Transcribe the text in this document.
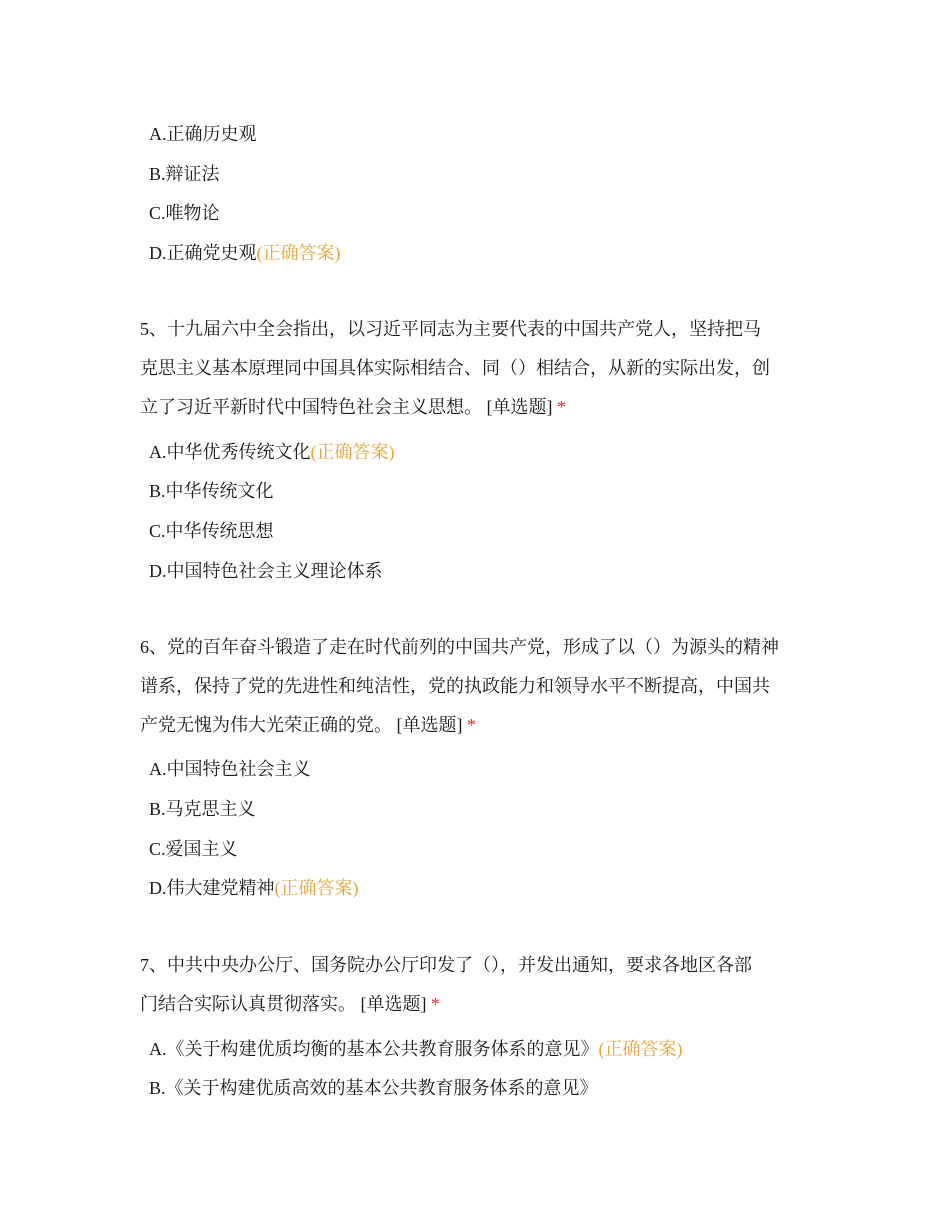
A.正确历史观
B.辩证法
C.唯物论
D.正确党史观(正确答案)
5、十九届六中全会指出，以习近平同志为主要代表的中国共产党人，坚持把马
克思主义基本原理同中国具体实际相结合、同（）相结合，从新的实际出发，创
立了习近平新时代中国特色社会主义思想。 [单选题] *
A.中华优秀传统文化(正确答案)
B.中华传统文化
C.中华传统思想
D.中国特色社会主义理论体系
6、党的百年奋斗锻造了走在时代前列的中国共产党，形成了以（）为源头的精神
谱系，保持了党的先进性和纯洁性，党的执政能力和领导水平不断提高，中国共
产党无愧为伟大光荣正确的党。 [单选题] *
A.中国特色社会主义
B.马克思主义
C.爱国主义
D.伟大建党精神(正确答案)
7、中共中央办公厅、国务院办公厅印发了（），并发出通知，要求各地区各部
门结合实际认真贯彻落实。 [单选题] *
A.《关于构建优质均衡的基本公共教育服务体系的意见》(正确答案)
B.《关于构建优质高效的基本公共教育服务体系的意见》
